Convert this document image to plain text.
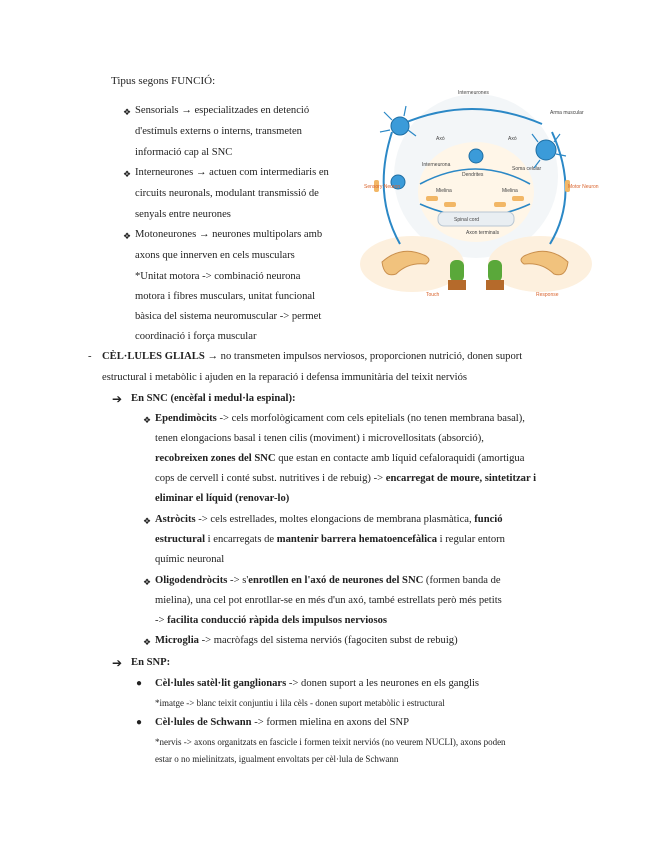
Tipus segons FUNCIÓ:
❖ Sensorials → especialitzades en detenció
d'estímuls externs o interns, transmeten
informació cap al SNC
❖ Interneurones → actuen com intermediaris en
circuits neuronals, modulant transmissió de
senyals entre neurones
❖ Motoneurones → neurones multipolars amb
axons que innerven en cels musculars
*Unitat motora -> combinació neurona
motora i fibres musculars, unitat funcional
bàsica del sistema neuromuscular -> permet
coordinació i força muscular
Interneurones
Interneurona
Arma muscular
Axó	Axó
Dendrites
Soma celular
Sensory Neuron
Mielina	Mielina
Motor Neuron
Spinal cord
Axon terminals
Touch	Response
- CÈL·LULES GLIALS → no transmeten impulsos nerviosos, proporcionen nutrició, donen suport
estructural i metabòlic i ajuden en la reparació i defensa immunitària del teixit nerviós
➔ En SNC (encèfal i medul·la espinal):
❖ Ependimòcits -> cels morfològicament com cels epitelials (no tenen membrana basal),
tenen elongacions basal i tenen cilis (moviment) i microvellositats (absorció),
recobreixen zones del SNC que estan en contacte amb líquid cefaloraquidi (amortigua
cops de cervell i conté subst. nutritives i de rebuig) -> encarregat de moure, sintetitzar i
eliminar el líquid (renovar-lo)
❖ Astròcits -> cels estrellades, moltes elongacions de membrana plasmàtica, funció
estructural i encarregats de mantenir barrera hematoencefàlica i regular entorn
químic neuronal
❖ Oligodendròcits -> s'enrotllen en l'axó de neurones del SNC (formen banda de
mielina), una cel pot enrotllar-se en més d'un axó, també estrellats però més petits
-> facilita conducció ràpida dels impulsos nerviosos
❖ Microglia -> macròfags del sistema nerviós (fagociten subst de rebuig)
➔ En SNP:
● Cèl·lules satèl·lit ganglionars -> donen suport a les neurones en els ganglis
*imatge -> blanc teixit conjuntiu i lila cèls - donen suport metabòlic i estructural
● Cèl·lules de Schwann -> formen mielina en axons del SNP
*nervis -> axons organitzats en fascicle i formen teixit nerviós (no veurem NUCLI), axons poden
estar o no mielinitzats, igualment envoltats per cèl·lula de Schwann
